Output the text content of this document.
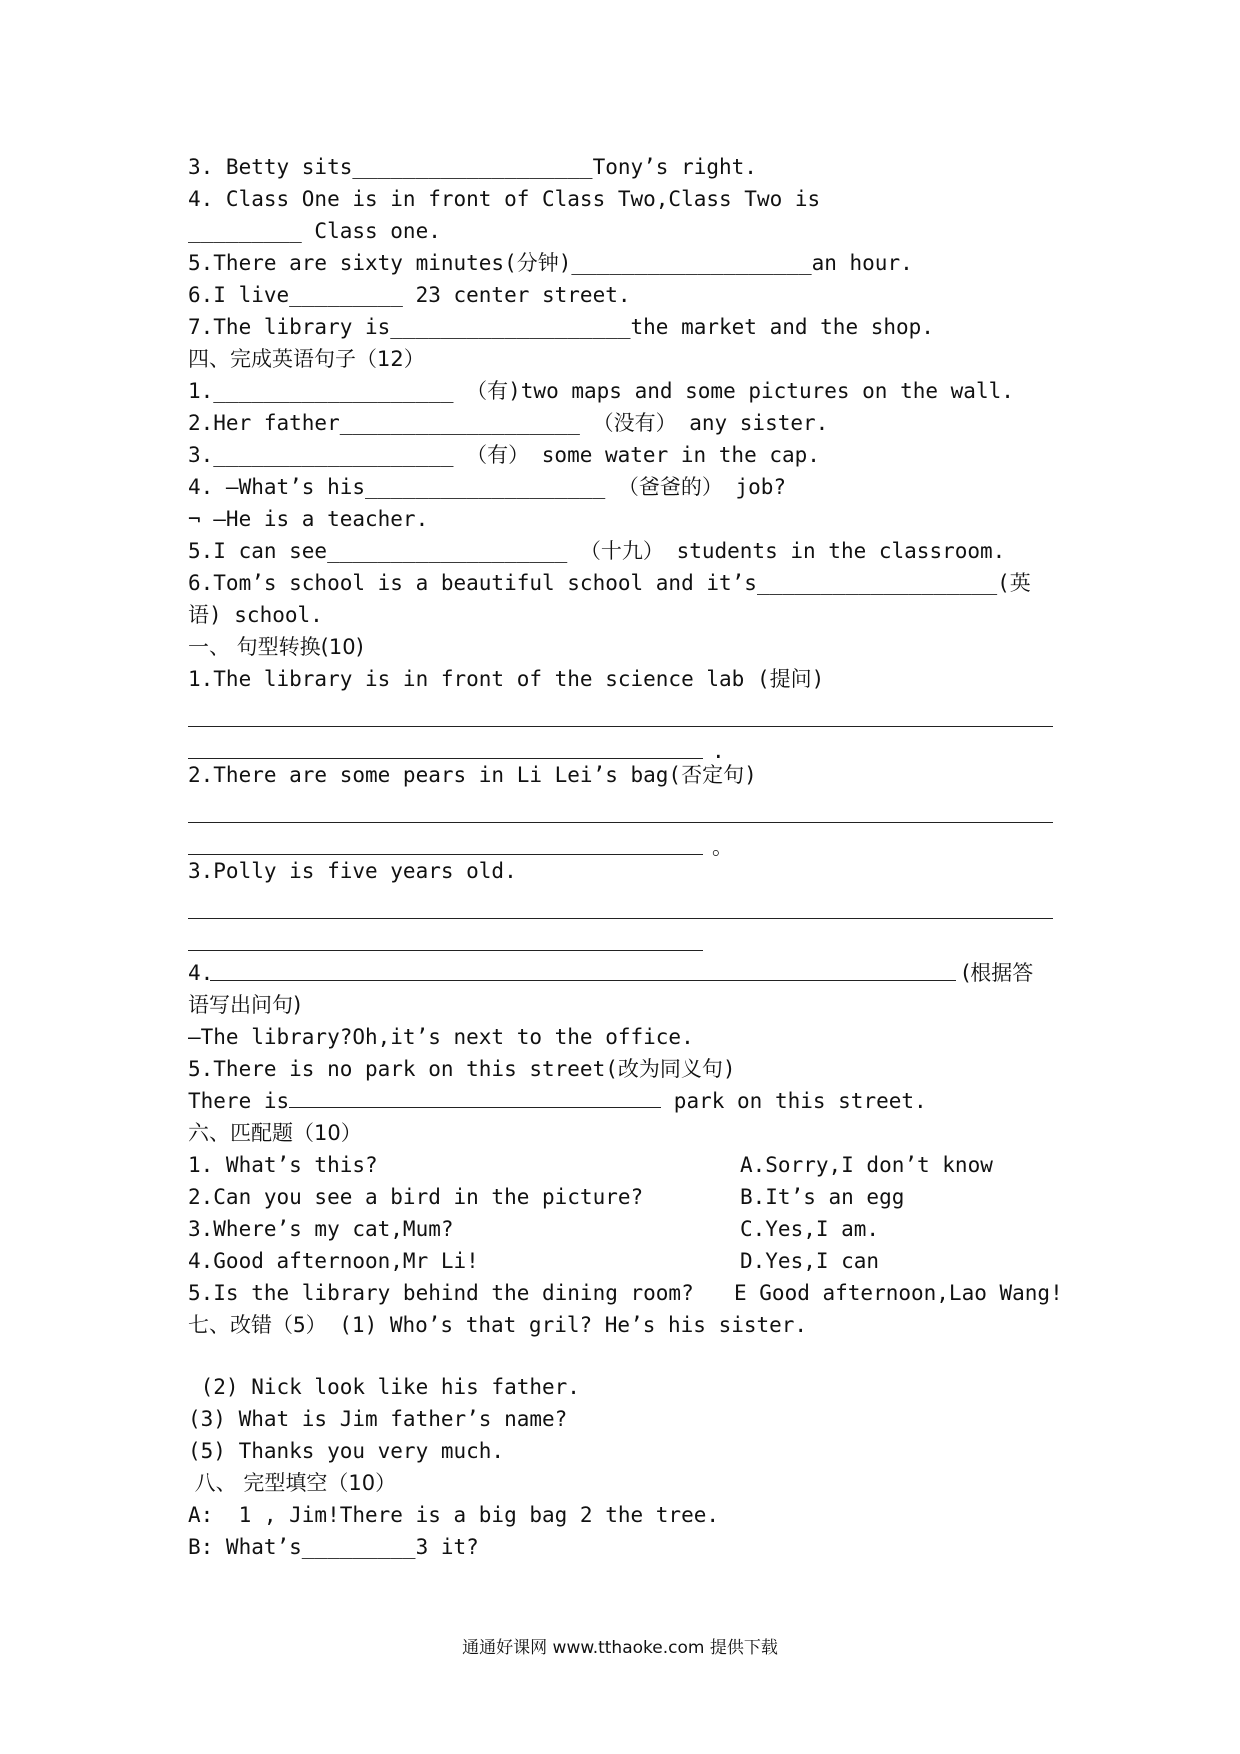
3. Betty sits___________________Tony’s right.
4. Class One is in front of Class Two,Class Two is
_________ Class one.
5.There are sixty minutes(分钟)___________________an hour.
6.I live_________ 23 center street.
7.The library is___________________the market and the shop.
四、完成英语句子（12）
1.___________________ （有)two maps and some pictures on the wall.
2.Her father___________________ （没有） any sister.
3.___________________ （有） some water in the cap.
4. —What’s his___________________ （爸爸的） job?
¬ —He is a teacher.
5.I can see___________________ （十九） students in the classroom.
6.Tom’s school is a beautiful school and it’s___________________(英
语) school.
一、 句型转换(10)
1.The library is in front of the science lab (提问)
.
2.There are some pears in Li Lei’s bag(否定句)
。
3.Polly is five years old.
4.	(根据答
语写出问句)
—The library?Oh,it’s next to the office.
5.There is no park on this street(改为同义句)
There is	park on this street.
六、匹配题（10）
1. What’s this?	A.Sorry,I don’t know
2.Can you see a bird in the picture?	B.It’s an egg
3.Where’s my cat,Mum?	C.Yes,I am.
4.Good afternoon,Mr Li!	D.Yes,I can
5.Is the library behind the dining room? E Good afternoon,Lao Wang!
七、改错（5） (1) Who’s that gril? He’s his sister.
(2) Nick look like his father.
(3) What is Jim father’s name?
(5) Thanks you very much.
八、 完型填空（10）
A:  1 , Jim!There is a big bag 2 the tree.
B: What’s_________3 it?
通通好课网 www.tthaoke.com 提供下载
